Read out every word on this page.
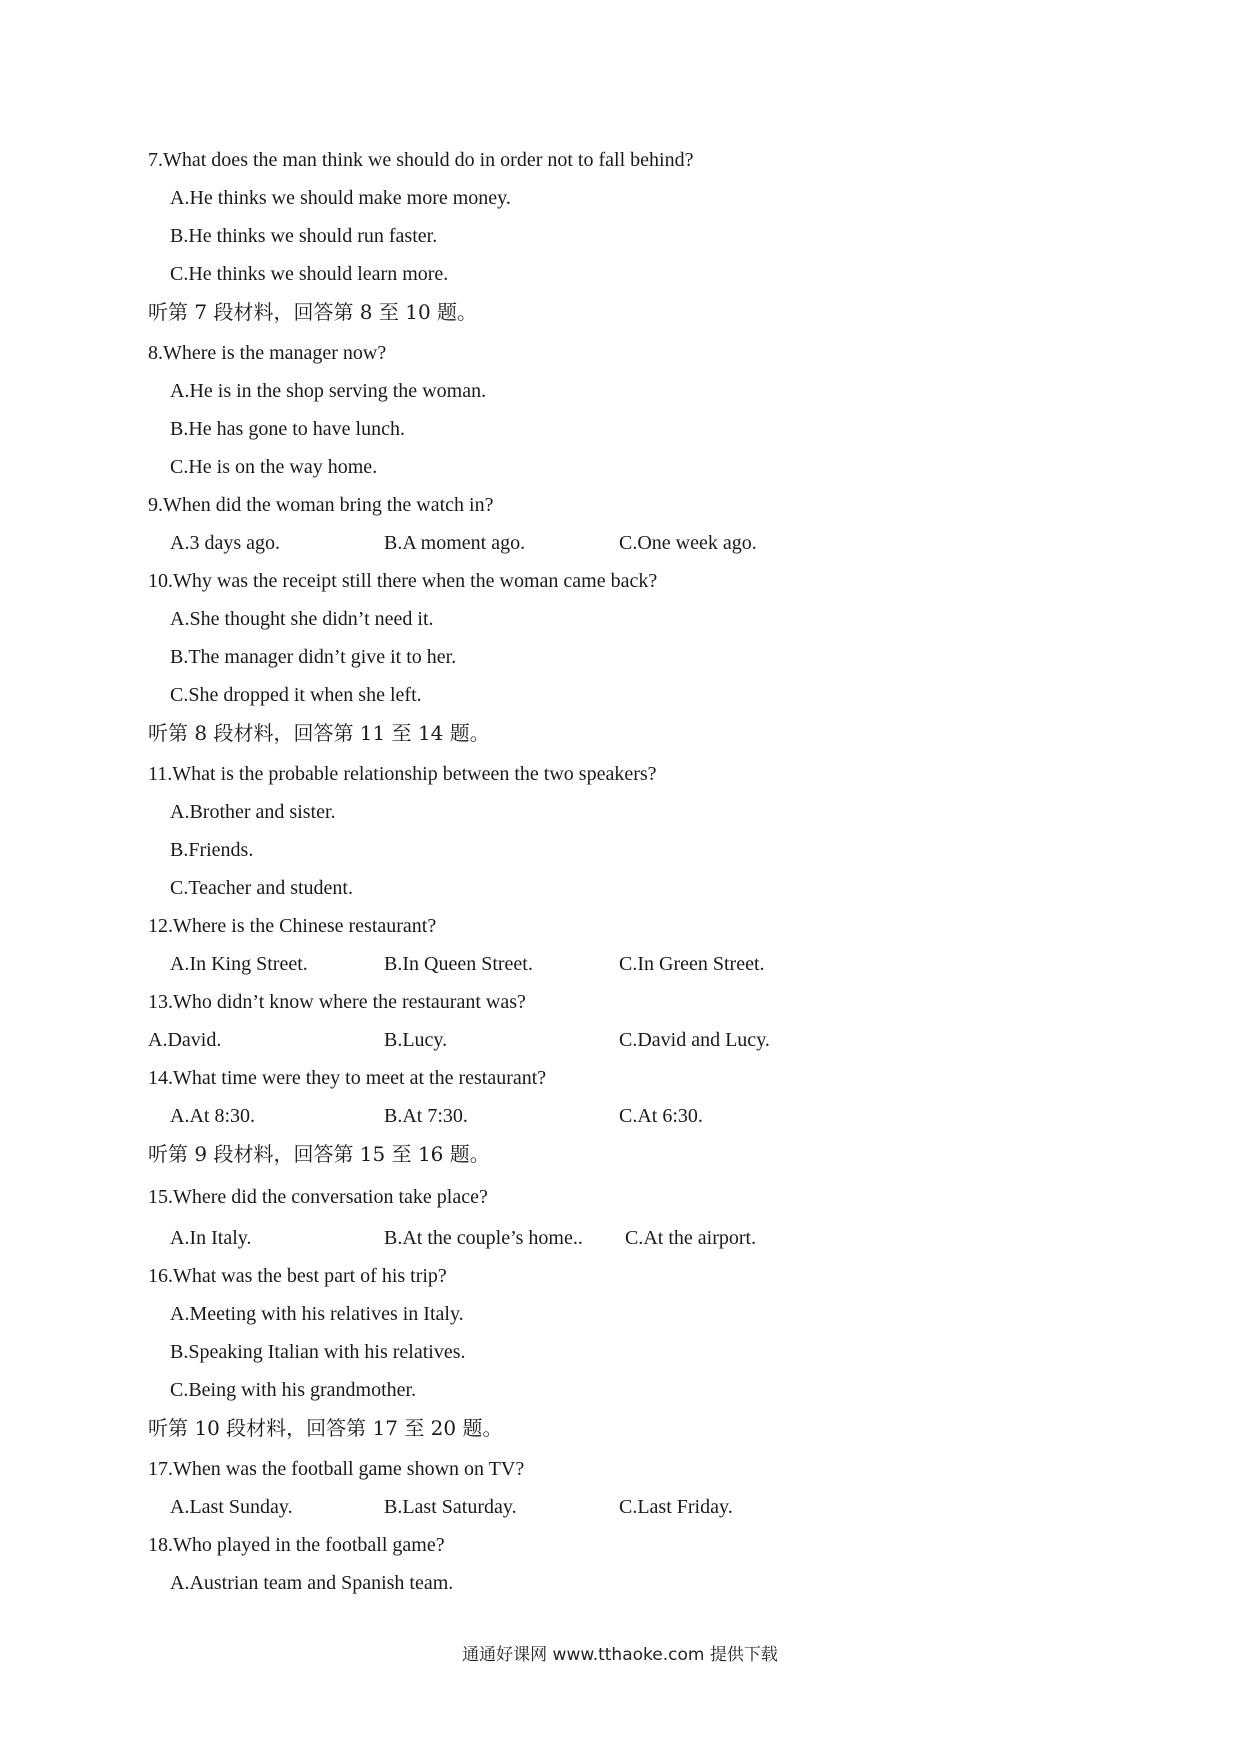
7.What does the man think we should do in order not to fall behind?
A.He thinks we should make more money.
B.He thinks we should run faster.
C.He thinks we should learn more.
听第 7 段材料，回答第 8 至 10 题。
8.Where is the manager now?
A.He is in the shop serving the woman.
B.He has gone to have lunch.
C.He is on the way home.
9.When did the woman bring the watch in?
A.3 days ago.	B.A moment ago.	C.One week ago.
10.Why was the receipt still there when the woman came back?
A.She thought she didn’t need it.
B.The manager didn’t give it to her.
C.She dropped it when she left.
听第 8 段材料，回答第 11 至 14 题。
11.What is the probable relationship between the two speakers?
A.Brother and sister.
B.Friends.
C.Teacher and student.
12.Where is the Chinese restaurant?
A.In King Street.	B.In Queen Street.	C.In Green Street.
13.Who didn’t know where the restaurant was?
A.David.	B.Lucy.	C.David and Lucy.
14.What time were they to meet at the restaurant?
A.At 8:30.	B.At 7:30.	C.At 6:30.
听第 9 段材料，回答第 15 至 16 题。
15.Where did the conversation take place?
A.In Italy.	B.At the couple’s home.. C.At the airport.
16.What was the best part of his trip?
A.Meeting with his relatives in Italy.
B.Speaking Italian with his relatives.
C.Being with his grandmother.
听第 10 段材料，回答第 17 至 20 题。
17.When was the football game shown on TV?
A.Last Sunday.	B.Last Saturday.	C.Last Friday.
18.Who played in the football game?
A.Austrian team and Spanish team.
通通好课网 www.tthaoke.com 提供下载
